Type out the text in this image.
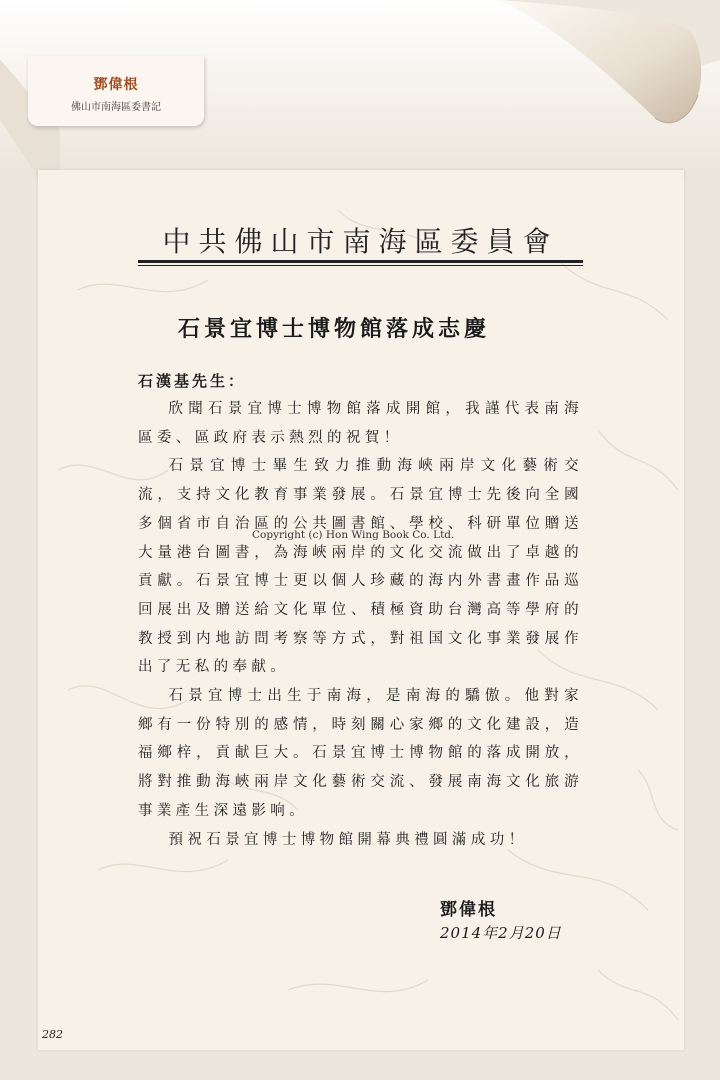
鄧偉根
佛山市南海區委書記
中共佛山市南海區委員會
石景宜博士博物館落成志慶
石漢基先生：

欣聞石景宜博士博物館落成開館，我謹代表南海區委、區政府表示熱烈的祝賀！

石景宜博士畢生致力推動海峽兩岸文化藝術交流，支持文化教育事業發展。石景宜博士先後向全國多個省市自治區的公共圖書館、學校、科研單位贈送大量港台圖書，為海峽兩岸的文化交流做出了卓越的貢獻。石景宜博士更以個人珍藏的海内外書畫作品巡回展出及贈送給文化單位、積極資助台灣高等學府的教授到内地訪問考察等方式，對祖国文化事業發展作出了无私的奉献。

石景宜博士出生于南海，是南海的驕傲。他對家鄉有一份特別的感情，時刻關心家鄉的文化建設，造福鄉梓，貢献巨大。石景宜博士博物館的落成開放，將對推動海峽兩岸文化藝術交流、發展南海文化旅游事業產生深遠影响。

預祝石景宜博士博物館開幕典禮圓滿成功！

Copyright (c) Hon Wing Book Co. Ltd.
鄧偉根
2014年2月20日
282
